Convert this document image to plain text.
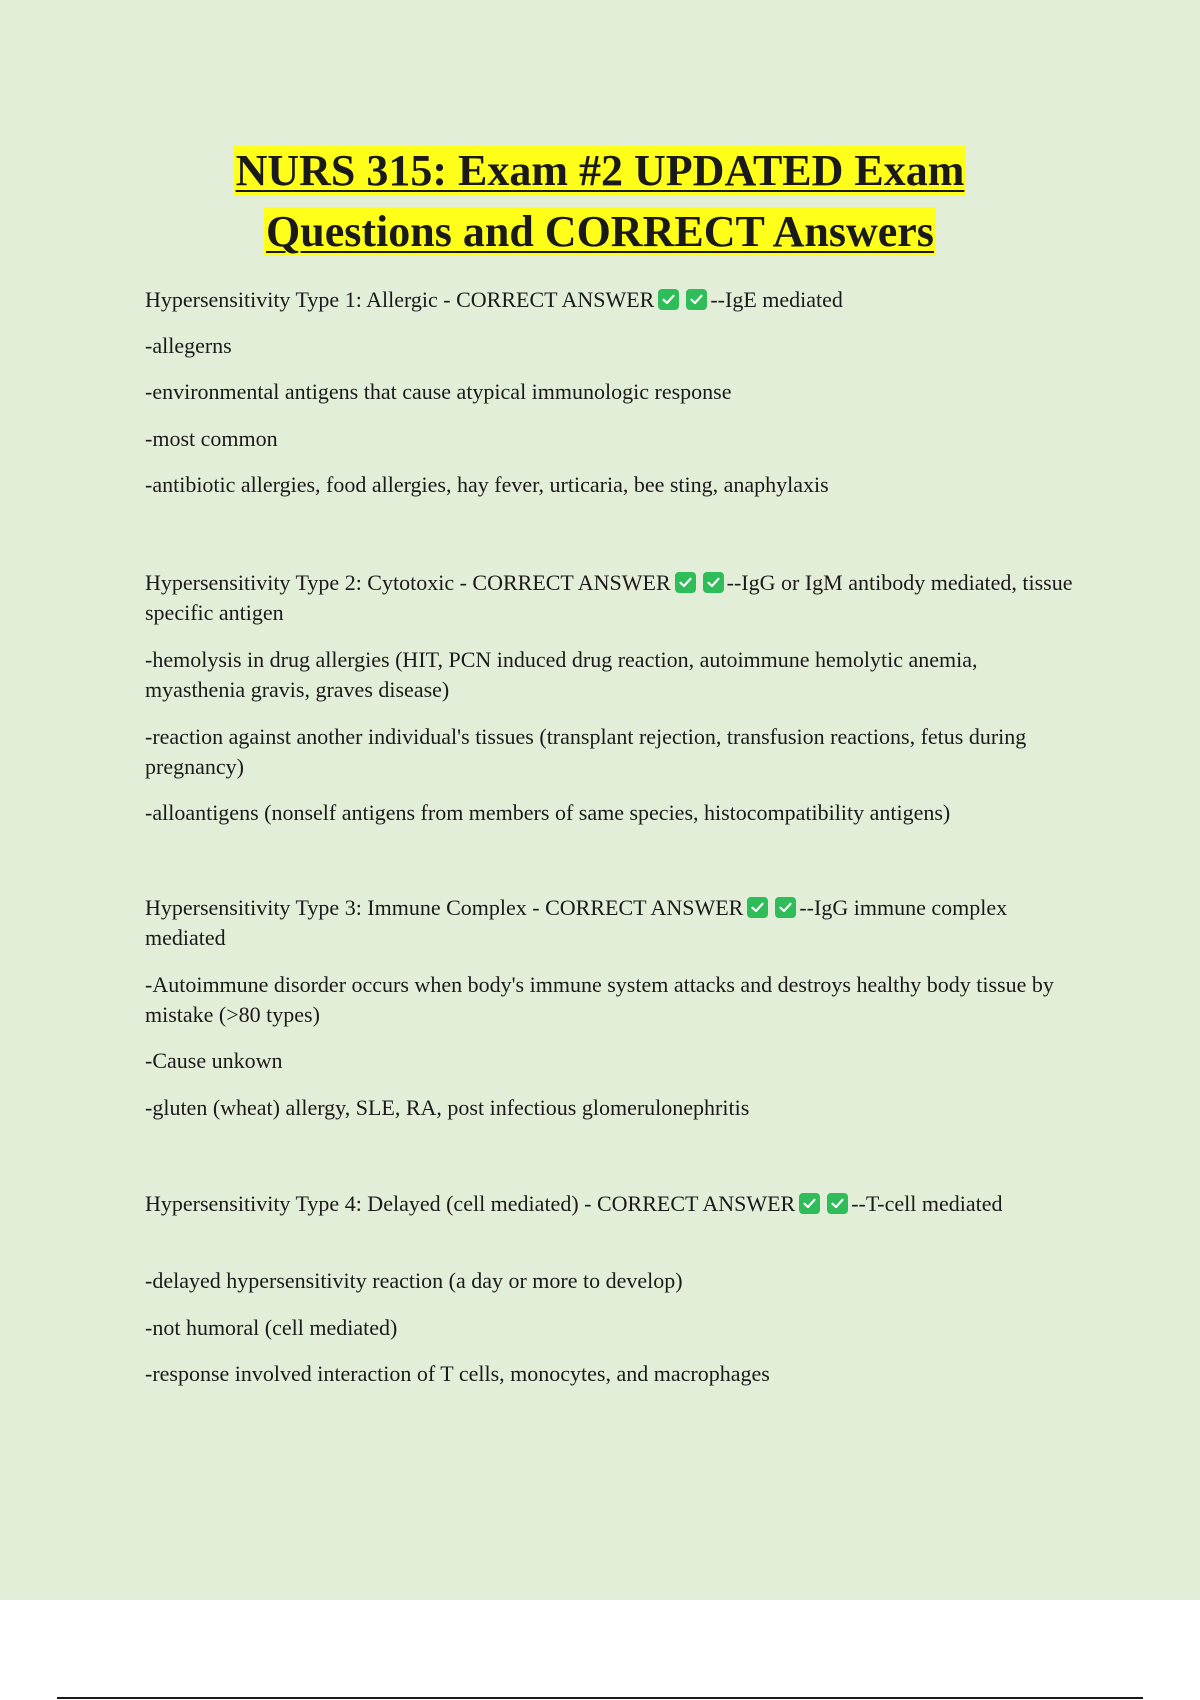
NURS 315: Exam #2 UPDATED Exam
Questions and CORRECT Answers

Hypersensitivity Type 1: Allergic - CORRECT ANSWER	--IgE mediated

-allegerns

-environmental antigens that cause atypical immunologic response

-most common

-antibiotic allergies, food allergies, hay fever, urticaria, bee sting, anaphylaxis

Hypersensitivity Type 2: Cytotoxic - CORRECT ANSWER	--IgG or IgM antibody mediated, tissue specific antigen

-hemolysis in drug allergies (HIT, PCN induced drug reaction, autoimmune hemolytic anemia, myasthenia gravis, graves disease)

-reaction against another individual's tissues (transplant rejection, transfusion reactions, fetus during pregnancy)

-alloantigens (nonself antigens from members of same species, histocompatibility antigens)

Hypersensitivity Type 3: Immune Complex - CORRECT ANSWER	--IgG immune complex mediated

-Autoimmune disorder occurs when body's immune system attacks and destroys healthy body tissue by mistake (>80 types)

-Cause unkown

-gluten (wheat) allergy, SLE, RA, post infectious glomerulonephritis

Hypersensitivity Type 4: Delayed (cell mediated) - CORRECT ANSWER	--T-cell mediated

-delayed hypersensitivity reaction (a day or more to develop)

-not humoral (cell mediated)

-response involved interaction of T cells, monocytes, and macrophages
